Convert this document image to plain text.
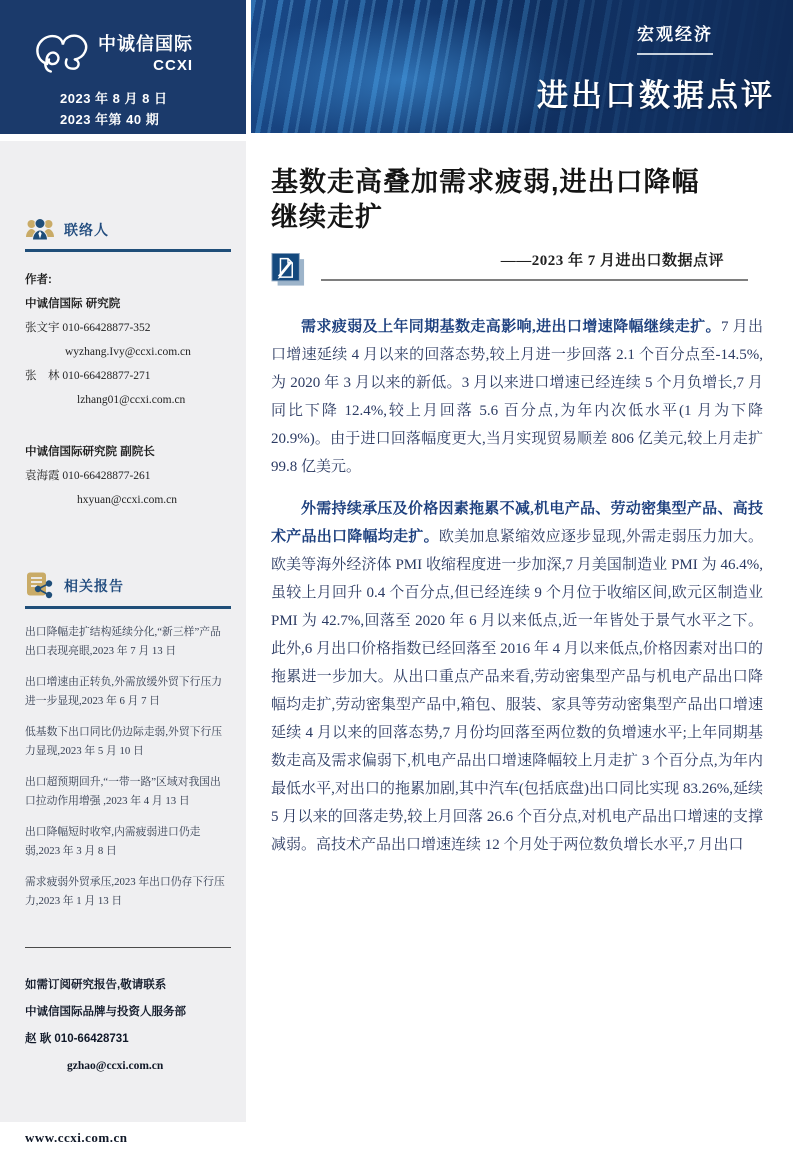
中诚信国际
CCXI
2023 年 8 月 8 日
2023 年第 40 期
宏观经济
进出口数据点评
联络人
作者:
中诚信国际 研究院
张文宇 010-66428877-352
wyzhang.Ivy@ccxi.com.cn
张　林 010-66428877-271
lzhang01@ccxi.com.cn
中诚信国际研究院 副院长
袁海霞 010-66428877-261
hxyuan@ccxi.com.cn
相关报告
出口降幅走扩结构延续分化,“新三样”产品出口表现亮眼,2023 年 7 月 13 日
出口增速由正转负,外需放缓外贸下行压力进一步显现,2023 年 6 月 7 日
低基数下出口同比仍边际走弱,外贸下行压力显现,2023 年 5 月 10 日
出口超预期回升,“一带一路”区域对我国出口拉动作用增强 ,2023 年 4 月 13 日
出口降幅短时收窄,内需疲弱进口仍走弱,2023 年 3 月 8 日
需求疲弱外贸承压,2023 年出口仍存下行压力,2023 年 1 月 13 日
如需订阅研究报告,敬请联系
中诚信国际品牌与投资人服务部
赵 耿 010-66428731
gzhao@ccxi.com.cn
www.ccxi.com.cn
基数走高叠加需求疲弱,进出口降幅
继续走扩
——2023 年 7 月进出口数据点评

需求疲弱及上年同期基数走高影响,进出口增速降幅继续走扩。7 月出口增速延续 4 月以来的回落态势,较上月进一步回落 2.1 个百分点至-14.5%,为 2020 年 3 月以来的新低。3 月以来进口增速已经连续 5 个月负增长,7 月同比下降 12.4%,较上月回落 5.6 百分点,为年内次低水平(1 月为下降 20.9%)。由于进口回落幅度更大,当月实现贸易顺差 806 亿美元,较上月走扩 99.8 亿美元。

外需持续承压及价格因素拖累不减,机电产品、劳动密集型产品、高技术产品出口降幅均走扩。欧美加息紧缩效应逐步显现,外需走弱压力加大。欧美等海外经济体 PMI 收缩程度进一步加深,7 月美国制造业 PMI 为 46.4%,虽较上月回升 0.4 个百分点,但已经连续 9 个月位于收缩区间,欧元区制造业 PMI 为 42.7%,回落至 2020 年 6 月以来低点,近一年皆处于景气水平之下。此外,6 月出口价格指数已经回落至 2016 年 4 月以来低点,价格因素对出口的拖累进一步加大。从出口重点产品来看,劳动密集型产品与机电产品出口降幅均走扩,劳动密集型产品中,箱包、服装、家具等劳动密集型产品出口增速延续 4 月以来的回落态势,7 月份均回落至两位数的负增速水平;上年同期基数走高及需求偏弱下,机电产品出口增速降幅较上月走扩 3 个百分点,为年内最低水平,对出口的拖累加剧,其中汽车(包括底盘)出口同比实现 83.26%,延续 5 月以来的回落走势,较上月回落 26.6 个百分点,对机电产品出口增速的支撑减弱。高技术产品出口增速连续 12 个月处于两位数负增长水平,7 月出口
